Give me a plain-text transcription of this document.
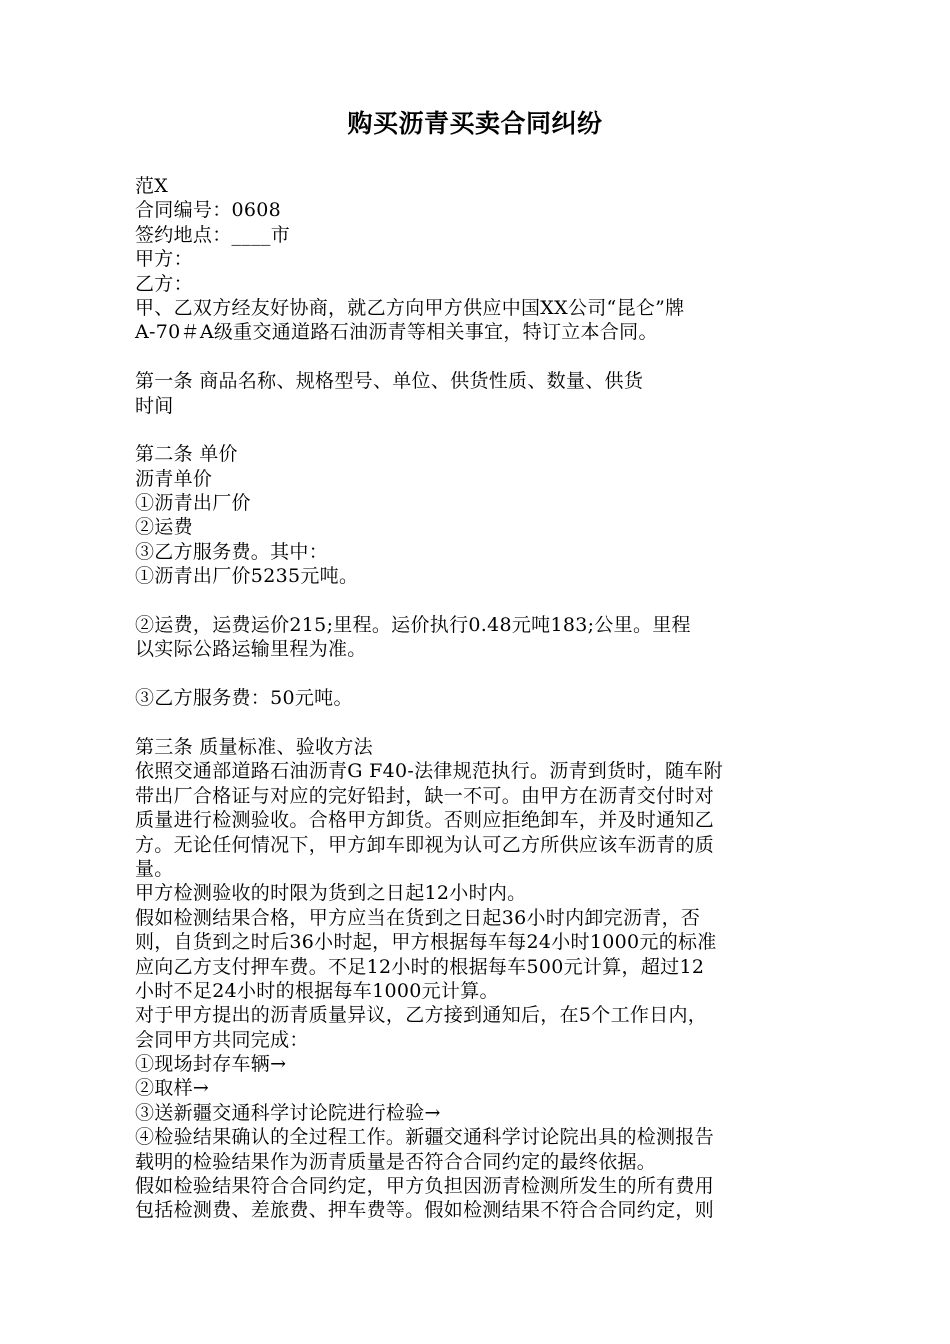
购买沥青买卖合同纠纷
范X
合同编号：0608
签约地点：____市
甲方：
乙方：
甲、乙双方经友好协商，就乙方向甲方供应中国XX公司“昆仑”牌
A-70＃A级重交通道路石油沥青等相关事宜，特订立本合同。
第一条 商品名称、规格型号、单位、供货性质、数量、供货
时间
第二条 单价
沥青单价
①沥青出厂价
②运费
③乙方服务费。其中：
①沥青出厂价5235元吨。
②运费，运费运价215;里程。运价执行0.48元吨183;公里。里程
以实际公路运输里程为准。
③乙方服务费：50元吨。
第三条 质量标准、验收方法
依照交通部道路石油沥青G F40-法律规范执行。沥青到货时，随车附
带出厂合格证与对应的完好铅封，缺一不可。由甲方在沥青交付时对
质量进行检测验收。合格甲方卸货。否则应拒绝卸车，并及时通知乙
方。无论任何情况下，甲方卸车即视为认可乙方所供应该车沥青的质
量。
甲方检测验收的时限为货到之日起12小时内。
假如检测结果合格，甲方应当在货到之日起36小时内卸完沥青，否
则，自货到之时后36小时起，甲方根据每车每24小时1000元的标准
应向乙方支付押车费。不足12小时的根据每车500元计算，超过12
小时不足24小时的根据每车1000元计算。
对于甲方提出的沥青质量异议，乙方接到通知后，在5个工作日内，
会同甲方共同完成：
①现场封存车辆→
②取样→
③送新疆交通科学讨论院进行检验→
④检验结果确认的全过程工作。新疆交通科学讨论院出具的检测报告
载明的检验结果作为沥青质量是否符合合同约定的最终依据。
假如检验结果符合合同约定，甲方负担因沥青检测所发生的所有费用
包括检测费、差旅费、押车费等。假如检测结果不符合合同约定，则
